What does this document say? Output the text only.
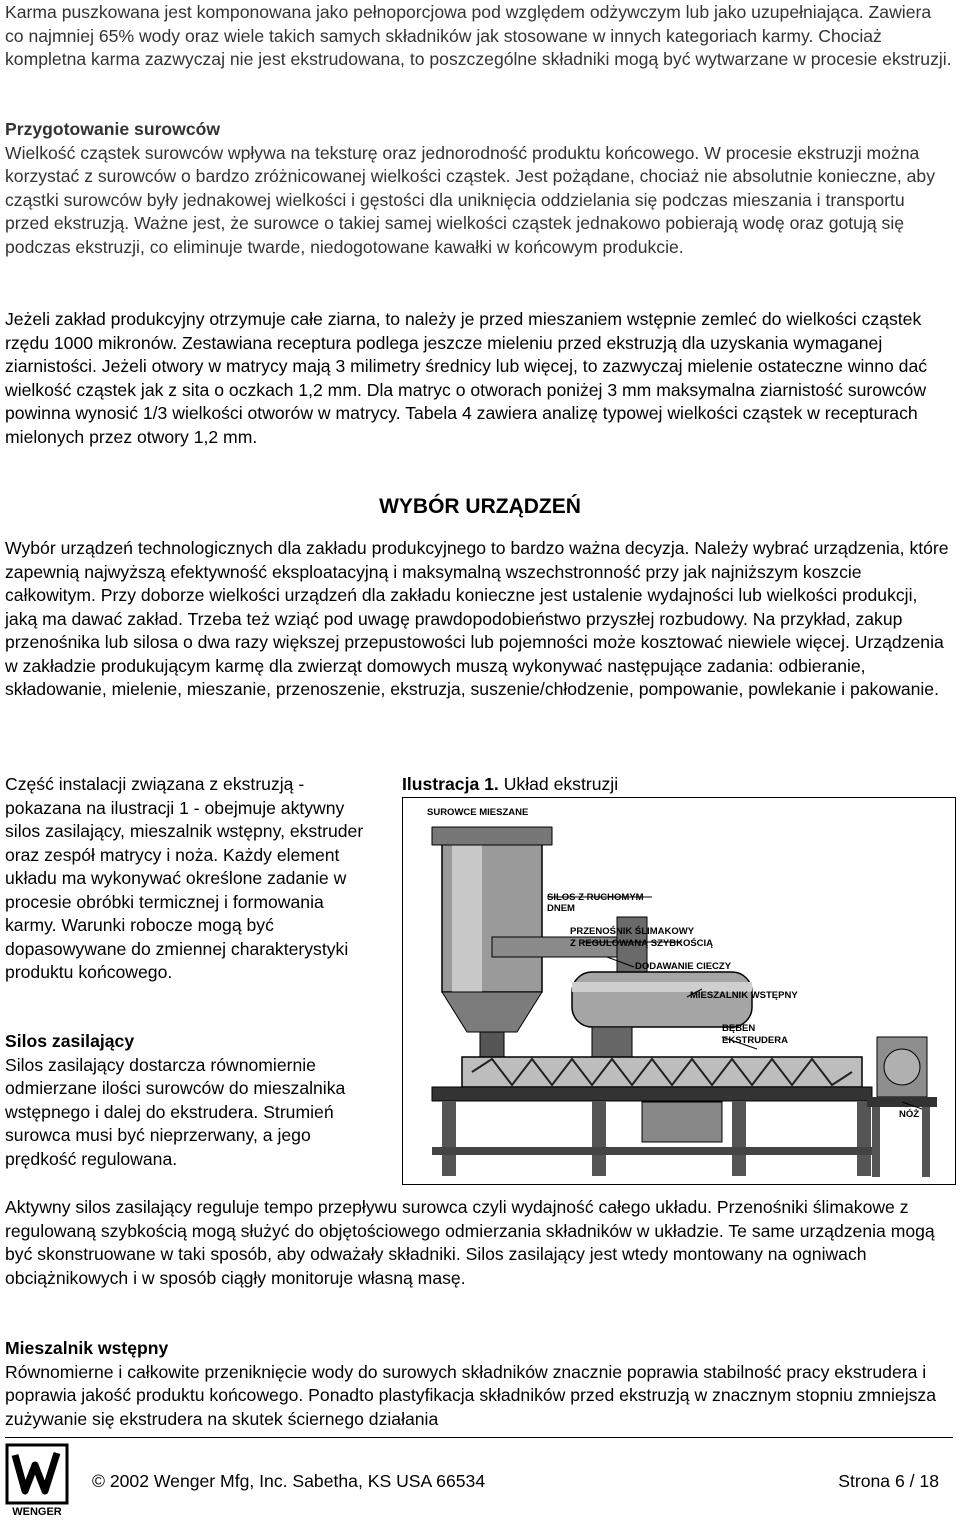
Karma puszkowana jest komponowana jako pełnoporcjowa pod względem odżywczym lub jako uzupełniająca. Zawiera co najmniej 65% wody oraz wiele takich samych składników jak stosowane w innych kategoriach karmy. Chociaż kompletna karma zazwyczaj nie jest ekstrudowana, to poszczególne składniki mogą być wytwarzane w procesie ekstruzji.

Przygotowanie surowców

Wielkość cząstek surowców wpływa na teksturę oraz jednorodność produktu końcowego. W procesie ekstruzji można korzystać z surowców o bardzo zróżnicowanej wielkości cząstek. Jest pożądane, chociaż nie absolutnie konieczne, aby cząstki surowców były jednakowej wielkości i gęstości dla uniknięcia oddzielania się podczas mieszania i transportu przed ekstruzją. Ważne jest, że surowce o takiej samej wielkości cząstek jednakowo pobierają wodę oraz gotują się podczas ekstruzji, co eliminuje twarde, niedogotowane kawałki w końcowym produkcie.

Jeżeli zakład produkcyjny otrzymuje całe ziarna, to należy je przed mieszaniem wstępnie zemleć do wielkości cząstek rzędu 1000 mikronów. Zestawiana receptura podlega jeszcze mieleniu przed ekstruzją dla uzyskania wymaganej ziarnistości. Jeżeli otwory w matrycy mają 3 milimetry średnicy lub więcej, to zazwyczaj mielenie ostateczne winno dać wielkość cząstek jak z sita o oczkach 1,2 mm. Dla matryc o otworach poniżej 3 mm maksymalna ziarnistość surowców powinna wynosić 1/3 wielkości otworów w matrycy. Tabela 4 zawiera analizę typowej wielkości cząstek w recepturach mielonych przez otwory 1,2 mm.

WYBÓR URZĄDZEŃ

Wybór urządzeń technologicznych dla zakładu produkcyjnego to bardzo ważna decyzja. Należy wybrać urządzenia, które zapewnią najwyższą efektywność eksploatacyjną i maksymalną wszechstronność przy jak najniższym koszcie całkowitym. Przy doborze wielkości urządzeń dla zakładu konieczne jest ustalenie wydajności lub wielkości produkcji, jaką ma dawać zakład. Trzeba też wziąć pod uwagę prawdopodobieństwo przyszłej rozbudowy. Na przykład, zakup przenośnika lub silosa o dwa razy większej przepustowości lub pojemności może kosztować niewiele więcej. Urządzenia w zakładzie produkującym karmę dla zwierząt domowych muszą wykonywać następujące zadania: odbieranie, składowanie, mielenie, mieszanie, przenoszenie, ekstruzja, suszenie/chłodzenie, pompowanie, powlekanie i pakowanie.

Część instalacji związana z ekstruzją - pokazana na ilustracji 1 - obejmuje aktywny silos zasilający, mieszalnik wstępny, ekstruder oraz zespół matrycy i noża. Każdy element układu ma wykonywać określone zadanie w procesie obróbki termicznej i formowania karmy. Warunki robocze mogą być dopasowywane do zmiennej charakterystyki produktu końcowego.

Ilustracja 1. Układ ekstruzji
SUROWCE MIESZANE
SILOS Z RUCHOMYM
DNEM
PRZENOŚNIK ŚLIMAKOWY
Z REGULOWANĄ SZYBKOŚCIĄ
DODAWANIE CIECZY
MIESZALNIK WSTĘPNY
BĘBEN
EKSTRUDERA
NÓŻ

Silos zasilający

Silos zasilający dostarcza równomiernie odmierzane ilości surowców do mieszalnika wstępnego i dalej do ekstrudera. Strumień surowca musi być nieprzerwany, a jego prędkość regulowana.

Aktywny silos zasilający reguluje tempo przepływu surowca czyli wydajność całego układu. Przenośniki ślimakowe z regulowaną szybkością mogą służyć do objętościowego odmierzania składników w układzie. Te same urządzenia mogą być skonstruowane w taki sposób, aby odważały składniki. Silos zasilający jest wtedy montowany na ogniwach obciążnikowych i w sposób ciągły monitoruje własną masę.

Mieszalnik wstępny

Równomierne i całkowite przeniknięcie wody do surowych składników znacznie poprawia stabilność pracy ekstrudera i poprawia jakość produktu końcowego. Ponadto plastyfikacja składników przed ekstruzją w znacznym stopniu zmniejsza zużywanie się ekstrudera na skutek ściernego działania

WENGER
© 2002 Wenger Mfg, Inc. Sabetha, KS USA 66534	Strona 6 / 18
